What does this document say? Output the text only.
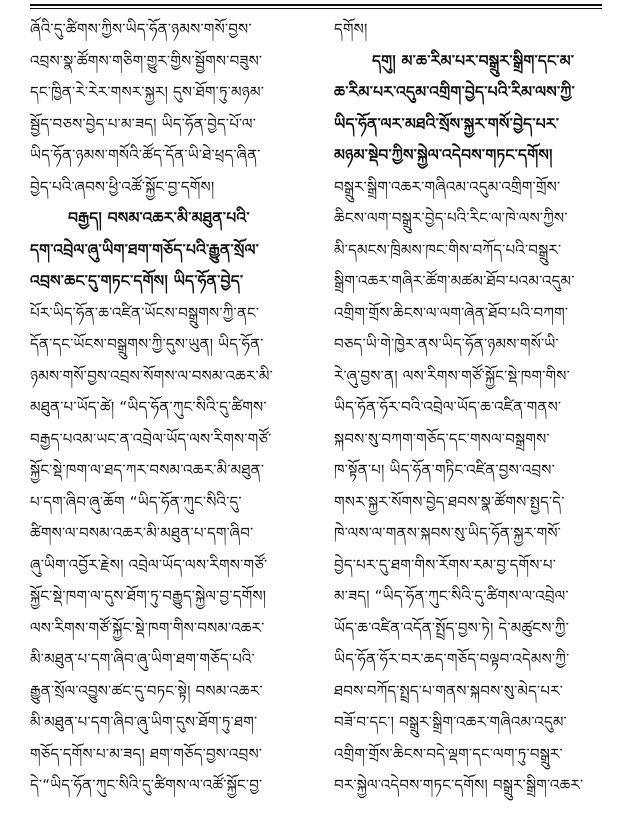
ཞོའི་དུ་ཚིགས་ཀྱིས་ཡིད་ཧོན་ཉམས་གསོ་བྱས་
འབྲས་སྣ་ཚོགས་གཅིག་གྱུར་གྱིས་སྦྱོགས་བཟུས་
དང་ཁྱིན་རེ་རེར་གསར་སྐྱར། དུས་ཐོག་ཏུ་མཉམ་
སྦྱོད་བཅས་བྱེད་པ་མ་ཟད། ཡིད་ཧོན་བྱེད་པོ་ལ་
ཡིད་ཧོན་ཉམས་གསོའི་ཚོད་དོན་ཡི་ཐེ་ཕྲད་ཞིན་
བྱེད་པའི་ཞབས་ཕྱི་འཚོ་སྐྱོང་བྱ་དགོས།
བརྒྱད། བསམ་འཆར་མི་མཐུན་པའི་
དག་འབྲེལ་ཞུ་ཡིག་ཐག་གཅོད་པའི་རྒྱུན་སྲོལ་
འབྲས་ཆང་དུ་གཏང་དགོས། ཡིད་ཧོན་བྱེད་
པོར་ཡིད་ཧོན་ཆ་འཛིན་ཡོངས་བསྒྲུགས་ཀྱི་ནང་
དོན་དང་ཡོངས་བསྒྲུགས་ཀྱི་དུས་ཡུན། ཡིད་ཧོན་
ཉམས་གསོ་བྱས་འབྲས་སོགས་ལ་བསམ་འཆར་མི་
མཐུན་པ་ཡོད་ཚེ། “ཡིད་ཧོན་ཀུང་སིའི་དུ་ཚིགས་
བརྒྱད་པའམ་ཡང་ན་འབྲེལ་ཡོད་ལས་རིགས་གཙོ་
སྐྱོང་སྡེ་ཁག་ལ་ཐད་ཀར་བསམ་འཆར་མི་མཐུན་
པ་དག་ཞིབ་ཞུ་ཆོག “ཡིད་ཧོན་ཀུང་སིའི་དུ་
ཚིགས་ལ་བསམ་འཆར་མི་མཐུན་པ་དག་ཞིབ་
ཞུ་ཡིག་འབྱོར་རྗེས། འབྲེལ་ཡོད་ལས་རིགས་གཙོ་
སྐྱོང་སྡེ་ཁག་ལ་དུས་ཐོག་ཏུ་བརྒྱུད་སྐྱེལ་བྱ་དགོས།
ལས་རིགས་གཙོ་སྐྱོང་སྡེ་ཁག་གིས་བསམ་འཆར་
མི་མཐུན་པ་དག་ཞིབ་ཞུ་ཡིག་ཐག་གཅོད་པའི་
རྒྱུན་སྲོལ་འབྱུས་ཚང་དུ་བཏང་སྟེ། བསམ་འཆར་
མི་མཐུན་པ་དག་ཞིབ་ཞུ་ཡིག་དུས་ཐོག་ཏུ་ཐག་
གཅོད་དགོས་པ་མ་ཟད། ཐག་གཅོད་བྱས་འབྲས་
དེ་“ཡིད་ཧོན་ཀུང་སིའི་དུ་ཚིགས་ལ་འཚོ་སྐྱོང་བྱ་
དགོས།
དགུ། མ་ཆ་རིམ་པར་བསྒྲུར་སྒྲིག་དང་མ་
ཆ་རིམ་པར་འདུམ་འགྲིག་བྱེད་པའི་རིམ་ལས་ཀྱི་
ཡིད་ཧོན་ལར་མཐའི་སྲོས་སྐྱར་གསོ་བྱེད་པར་
མཉམ་སྡེབ་ཀྱིས་སྐྱེལ་འདེབས་གཏང་དགོས།
བསྒྲུར་སྒྲིག་འཆར་གཞིའམ་འདུམ་འགྲིག་གྲོས་
ཆིངས་ལག་བསྒྲུར་བྱེད་པའི་རིང་ལ་ཁེ་ལས་ཀྱིས་
མི་དམངས་ཁྲིམས་ཁང་གིས་བཀོད་པའི་བསྒྲུར་
སྒྲིག་འཆར་གཞིར་ཚོག་མཚམ་ཐོབ་པའམ་འདུམ་
འགྲིག་གྲོས་ཆིངས་ལ་ལག་ཞེན་ཐོབ་པའི་བཀག་
བཅད་ཡི་གེ་ཁྱེར་ནས་ཡིད་ཧོན་ཉམས་གསོ་ཡི་
རེ་ཞུ་བྱས་ན། ལས་རིགས་གཙོ་སྐྱོང་སྡེ་ཁག་གིས་
ཡིད་ཧོན་ཧོར་བའི་འབྲེལ་ཡོད་ཆ་འཛིན་གནས་
སྐབས་སུ་བཀག་གཅོད་དང་གསལ་བསྒྲགས་
ཁ་སྟོན་པ། ཡིད་ཧོན་གཏིང་འཛིན་བྱས་འབྲས་
གསར་སྐྱར་སོགས་བྱེད་ཐབས་སྣ་ཚོགས་སྤྱད་དེ་
ཁེ་ལས་ལ་གནས་སྐབས་སུ་ཡིད་ཧོན་སྐྱར་གསོ་
བྱེད་པར་དུ་ཐག་གིས་རོགས་རམ་བྱ་དགོས་པ་
མ་ཟད། “ཡིད་ཧོན་ཀུང་སིའི་དུ་ཚིགས་ལ་འབྲེལ་
ཡོད་ཆ་འཛིན་འདོན་སྤྲོད་བྱས་ཏེ། དེ་མཚུངས་ཀྱི་
ཡིད་ཧོན་ཧོར་བར་ཆད་གཅོད་བལྟབ་འདེམས་ཀྱི་
ཐབས་བཀོད་སྤྲད་པ་གནས་སྐབས་སུ་མེད་པར་
བཟོ་བ་དང་། བསྒྲུར་སྒྲིག་འཆར་གཞིའམ་འདུམ་
འགྲིག་གྲོས་ཆིངས་བདེ་ལྡག་དང་ལག་ཏུ་བསྒྲུར་
བར་སྐྱེལ་འདེབས་གཏང་དགོས། བསྒྲུར་སྒྲིག་འཆར་
